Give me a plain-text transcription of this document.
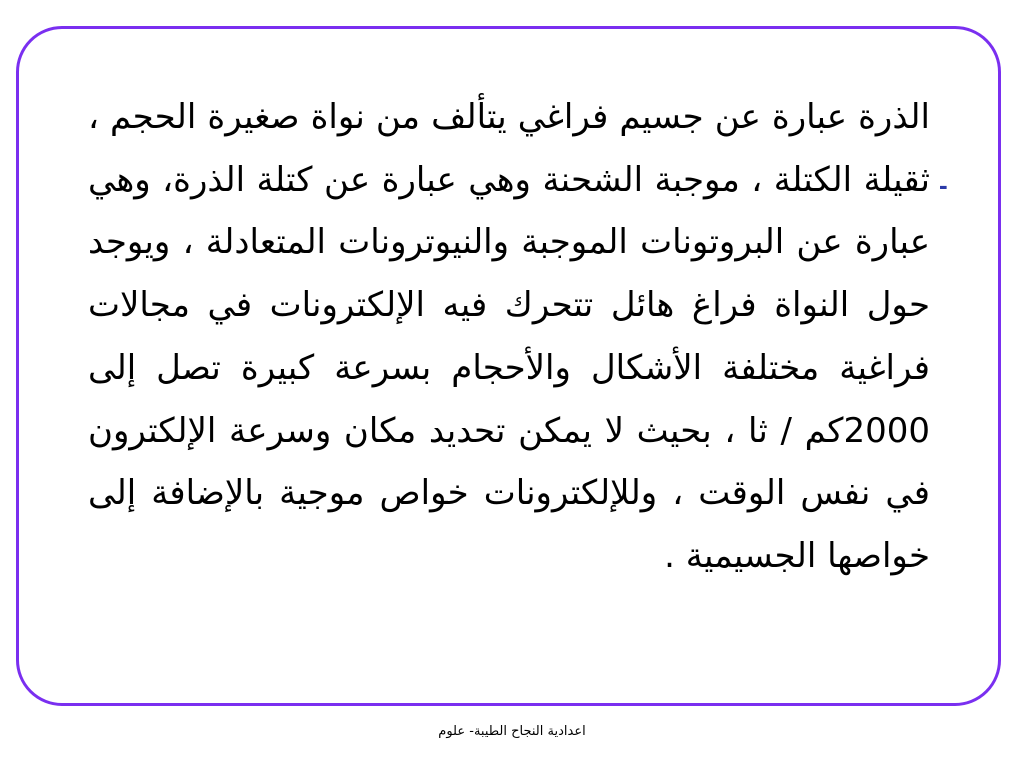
-
الذرة عبارة عن جسيم فراغي يتألف من نواة صغيرة الحجم ، ثقيلة الكتلة ، موجبة الشحنة وهي عبارة عن كتلة الذرة، وهي عبارة عن البروتونات الموجبة والنيوترونات المتعادلة ، ويوجد حول النواة فراغ هائل تتحرك فيه الإلكترونات في مجالات فراغية مختلفة الأشكال والأحجام بسرعة كبيرة تصل إلى 2000كم / ثا ، بحيث لا يمكن تحديد مكان وسرعة الإلكترون في نفس الوقت ، وللإلكترونات خواص موجية بالإضافة إلى خواصها الجسيمية .
اعدادية النجاح الطيبة- علوم
